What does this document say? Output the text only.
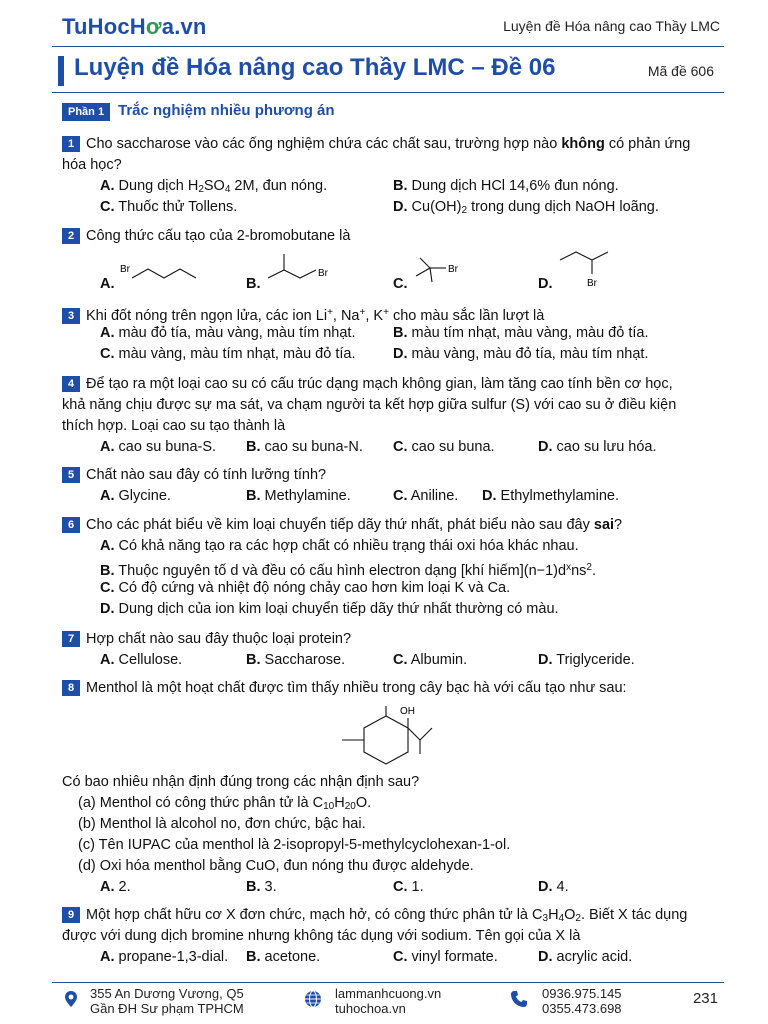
TuHocHơa.vn	Luyện đề Hóa nâng cao Thầy LMC
Luyện đề Hóa nâng cao Thầy LMC – Đề 06	Mã đề 606
Phần 1 Trắc nghiệm nhiều phương án
1 Cho saccharose vào các ống nghiệm chứa các chất sau, trường hợp nào không có phản ứng
hóa học?
A. Dung dịch $H_2SO_4$ 2M, đun nóng.	B. Dung dịch HCl 14,6% đun nóng.
C. Thuốc thử Tollens.	D. $Cu(OH)_2$ trong dung dịch NaOH loãng.
2 Công thức cấu tạo của 2-bromobutane là
A.
Br
B.
Br
C.
Br
D.	Br
3 Khi đốt nóng trên ngọn lửa, các ion Li+, Na+, K+ cho màu sắc lần lượt là
A. màu đỏ tía, màu vàng, màu tím nhạt.	B. màu tím nhạt, màu vàng, màu đỏ tía.
C. màu vàng, màu tím nhạt, màu đỏ tía.	D. màu vàng, màu đỏ tía, màu tím nhạt.
4 Để tạo ra một loại cao su có cấu trúc dạng mạch không gian, làm tăng cao tính bền cơ học,
khả năng chịu được sự ma sát, va chạm người ta kết hợp giữa sulfur (S) với cao su ở điều kiện
thích hợp. Loại cao su tạo thành là
A. cao su buna-S. B. cao su buna-N. C. cao su buna.	D. cao su lưu hóa.
5 Chất nào sau đây có tính lưỡng tính?
A. Glycine.	B. Methylamine.	C. Aniline. D. Ethylmethylamine.
6 Cho các phát biểu về kim loại chuyển tiếp dãy thứ nhất, phát biểu nào sau đây sai?
A. Có khả năng tạo ra các hợp chất có nhiều trạng thái oxi hóa khác nhau.
B. Thuộc nguyên tố d và đều có cấu hình electron dạng [khí $hiếm](n-1)d^xns^2$.
C. Có độ cứng và nhiệt độ nóng chảy cao hơn kim loại K và Ca.
D. Dung dịch của ion kim loại chuyển tiếp dãy thứ nhất thường có màu.
7 Hợp chất nào sau đây thuộc loại protein?
A. Cellulose.	B. Saccharose.	C. Albumin.	D. Triglyceride.
8 Menthol là một hoạt chất được tìm thấy nhiều trong cây bạc hà với cấu tạo như sau:
OH
Có bao nhiêu nhận định đúng trong các nhận định sau?
(a) Menthol có công thức phân tử là $C_{10}H_{20}O$.
(b) Menthol là alcohol no, đơn chức, bậc hai.
(c) Tên IUPAC của menthol là 2-isopropyl-5-methylcyclohexan-1-ol.
(d) Oxi hóa menthol bằng CuO, đun nóng thu được aldehyde.
A. 2.	B. 3.	C. 1.	D. 4.
9 Một hợp chất hữu cơ X đơn chức, mạch hở, có công thức phân tử là $C_3H_4O_2$. Biết X tác dụng
được với dung dịch bromine nhưng không tác dụng với sodium. Tên gọi của X là
A. propane-1,3-dial. B. acetone.	C. vinyl formate.	D. acrylic acid.
355 An Dương Vương, Q5
Gần ĐH Sư phạm TPHCM
lammanhcuong.vn
tuhochoa.vn
0936.975.145
0355.473.698
231
